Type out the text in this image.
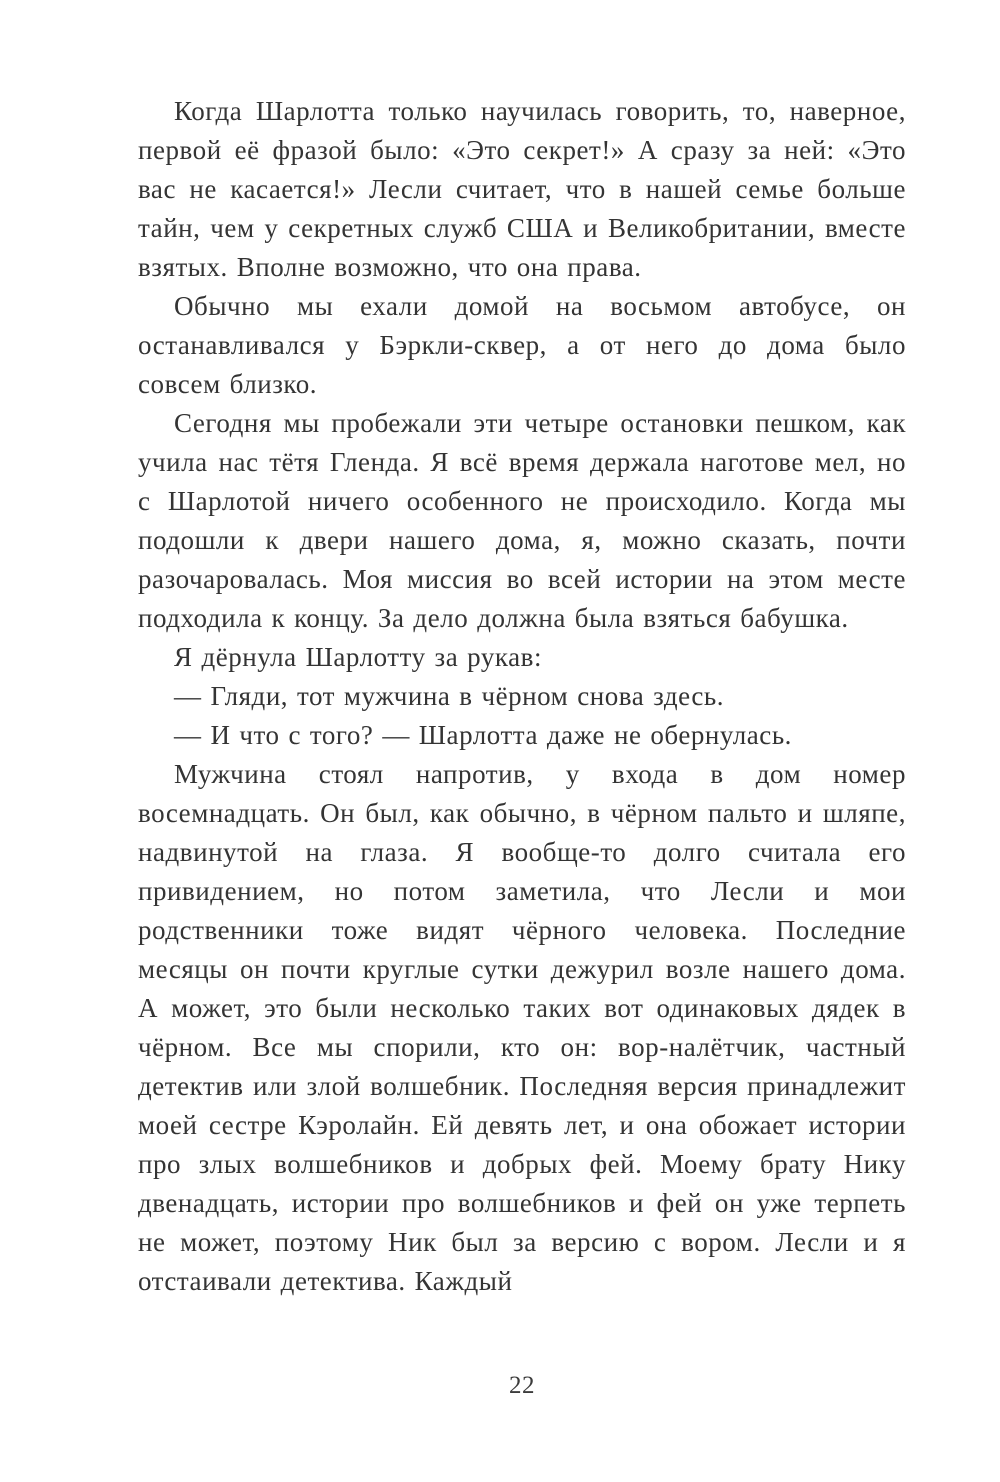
Когда Шарлотта только научилась говорить, то, наверное, первой её фразой было: «Это секрет!» А сразу за ней: «Это вас не касается!» Лесли считает, что в нашей семье больше тайн, чем у секретных служб США и Великобритании, вместе взятых. Вполне возможно, что она права.

Обычно мы ехали домой на восьмом автобусе, он останавливался у Бэркли-сквер, а от него до дома было совсем близко.

Сегодня мы пробежали эти четыре остановки пешком, как учила нас тётя Гленда. Я всё время держала наготове мел, но с Шарлотой ничего особенного не происходило. Когда мы подошли к двери нашего дома, я, можно сказать, почти разочаровалась. Моя миссия во всей истории на этом месте подходила к концу. За дело должна была взяться бабушка.

Я дёрнула Шарлотту за рукав:

— Гляди, тот мужчина в чёрном снова здесь.

— И что с того? — Шарлотта даже не обернулась.

Мужчина стоял напротив, у входа в дом номер восемнадцать. Он был, как обычно, в чёрном пальто и шляпе, надвинутой на глаза. Я вообще-то долго считала его привидением, но потом заметила, что Лесли и мои родственники тоже видят чёрного человека. Последние месяцы он почти круглые сутки дежурил возле нашего дома. А может, это были несколько таких вот одинаковых дядек в чёрном. Все мы спорили, кто он: вор-налётчик, частный детектив или злой волшебник. Последняя версия принадлежит моей сестре Кэролайн. Ей девять лет, и она обожает истории про злых волшебников и добрых фей. Моему брату Нику двенадцать, истории про волшебников и фей он уже терпеть не может, поэтому Ник был за версию с вором. Лесли и я отстаивали детектива. Каждый

22
